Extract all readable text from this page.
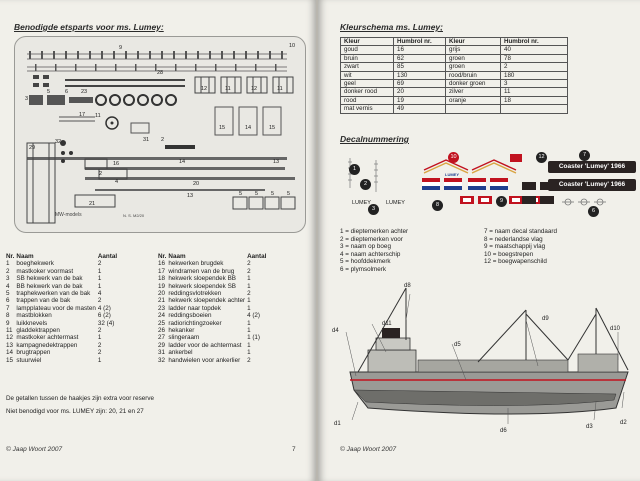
Benodigde etsparts voor ms. Lumey:
10
9
28
23
3
5	6	12	11	12	11
11
17
15	14	15
29
32	31 2
16	14	13
2
4	20
21
13	5 5 5 5
MW-models	N. S. M2/20
Nr.	Naam	Aantal
1	boeghekwerk	2
2	mastkoker voormast	1
3	SB hekwerk van de bak	1
4	BB hekwerk van de bak	1
5	traphekwerken van de bak	4
6	trappen van de bak	2
7	lampplateau voor de masten	4 (2)
8	mastblokken	6 (2)
9	luikknevels	32 (4)
11	gladdektrappen	2
12	mastkoker achtermast	1
13	kampagnedektrappen	2
14	brugtrappen	2
15	stuurwiel	1
Nr.	Naam	Aantal
16	hekwerken brugdek	2
17	windramen van de brug	2
18	hekwerk sloependek BB	1
19	hekwerk sloependek SB	1
20	reddingsvlotrekken	2
21	hekwerk sloependek achter	1
23	ladder naar topdek	1
24	reddingsboeien	4 (2)
25	radiorichtingzoeker	1
26	hekanker	1
27	slingeraam	1 (1)
29	ladder voor de achtermast	1
31	ankerbel	1
32	handwielen voor ankerlier	2
De getallen tussen de haakjes zijn extra voor reserve
Niet benodigd voor ms. LUMEY zijn: 20, 21 en 27
© Jaap Woort 2007	7
Kleurschema ms. Lumey;
Kleur	Humbrol nr.	Kleur	Humbrol nr.
goud	16	grijs	40
bruin	62	groen	78
zwart	85	groen	2
wit	130	rood/bruin	180
geel	69	donker groen	3
donker rood	20	zilver	11
rood	19	oranje	18
mat vernis	49		
Decalnummering
1
2
3
8
10
9
12	7
6
LUMEY	LUMEY
LUMEY
Coaster 'Lumey' 1966
Coaster 'Lumey' 1966
1 = dieptemerken achter
2 = dieptemerken voor
3 = naam op boeg
4 = naam achterschip
5 = hoofddekmerk
6 = plymsolmerk
7 = naam decal standaard
8 = nederlandse vlag
9 = maatschappij vlag
10 = boegstrepen
12 = boegwapenschild
d8
d11
d4
d5
d9
d10
d1
d6
d3
d2
© Jaap Woort 2007
